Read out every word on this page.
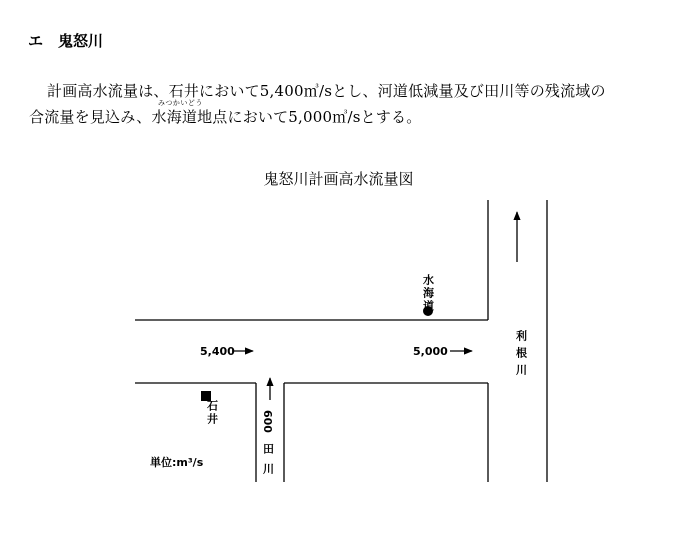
エ　鬼怒川
計画高水流量は、石井において5,400㎥/sとし、河道低減量及び田川等の残流域の
みつかいどう
合流量を見込み、水海道地点において5,000㎥/sとする。
鬼怒川計画高水流量図
5,400	5,000
600
単位:m³/s
水海道
石井
田川
利根川
